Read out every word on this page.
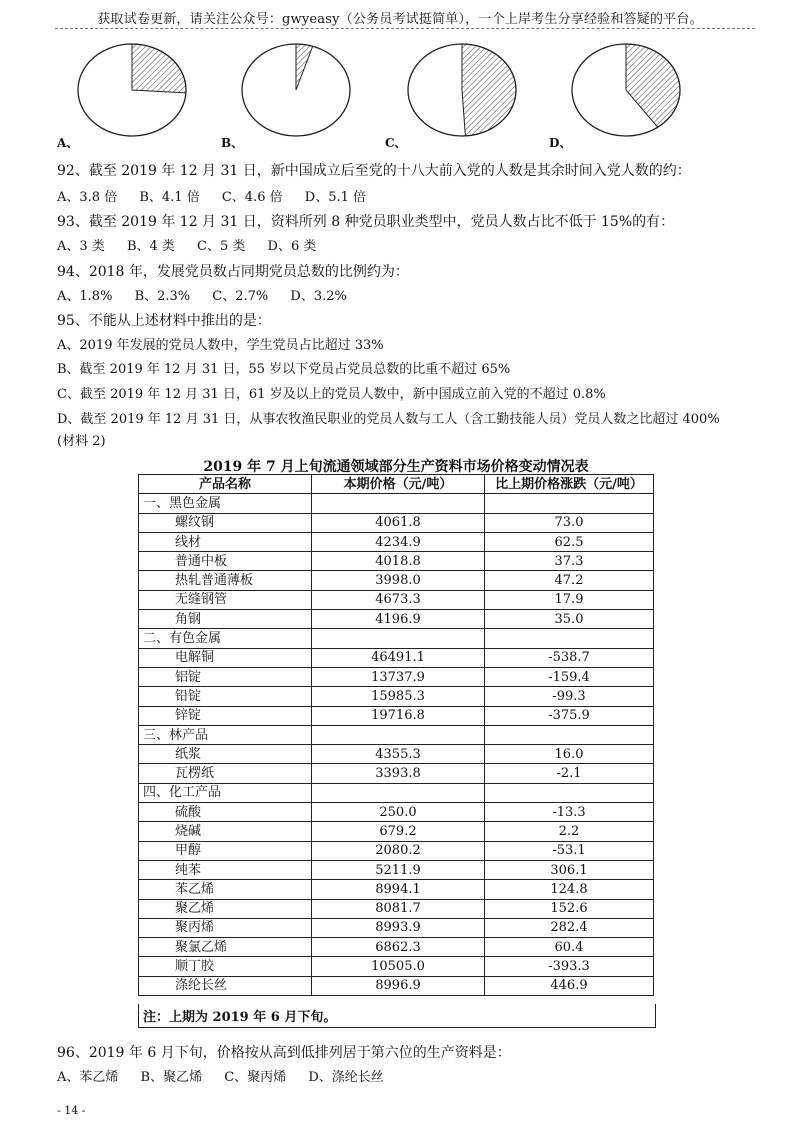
获取试卷更新，请关注公众号：gwyeasy（公务员考试挺简单），一个上岸考生分享经验和答疑的平台。
A、	B、	C、	D、
92、截至 2019 年 12 月 31 日，新中国成立后至党的十八大前入党的人数是其余时间入党人数的约：
A、3.8 倍 B、4.1 倍 C、4.6 倍 D、5.1 倍
93、截至 2019 年 12 月 31 日，资料所列 8 种党员职业类型中，党员人数占比不低于 15%的有：
A、3 类 B、4 类 C、5 类 D、6 类
94、2018 年，发展党员数占同期党员总数的比例约为：
A、1.8% B、2.3% C、2.7% D、3.2%
95、不能从上述材料中推出的是：
A、2019 年发展的党员人数中，学生党员占比超过 33%
B、截至 2019 年 12 月 31 日，55 岁以下党员占党员总数的比重不超过 65%
C、截至 2019 年 12 月 31 日，61 岁及以上的党员人数中，新中国成立前入党的不超过 0.8%
D、截至 2019 年 12 月 31 日，从事农牧渔民职业的党员人数与工人（含工勤技能人员）党员人数之比超过 400%
(材料 2)
2019 年 7 月上旬流通领域部分生产资料市场价格变动情况表
产品名称	本期价格（元/吨）	比上期价格涨跌（元/吨）
一、黑色金属		
螺纹钢	4061.8	73.0
线材	4234.9	62.5
普通中板	4018.8	37.3
热轧普通薄板	3998.0	47.2
无缝钢管	4673.3	17.9
角钢	4196.9	35.0
二、有色金属		
电解铜	46491.1	-538.7
铝锭	13737.9	-159.4
铅锭	15985.3	-99.3
锌锭	19716.8	-375.9
三、林产品		
纸浆	4355.3	16.0
瓦楞纸	3393.8	-2.1
四、化工产品		
硫酸	250.0	-13.3
烧碱	679.2	2.2
甲醇	2080.2	-53.1
纯苯	5211.9	306.1
苯乙烯	8994.1	124.8
聚乙烯	8081.7	152.6
聚丙烯	8993.9	282.4
聚氯乙烯	6862.3	60.4
顺丁胶	10505.0	-393.3
涤纶长丝	8996.9	446.9
注：上期为 2019 年 6 月下旬。
96、2019 年 6 月下旬，价格按从高到低排列居于第六位的生产资料是：
A、苯乙烯 B、聚乙烯 C、聚丙烯 D、涤纶长丝
- 14 -
